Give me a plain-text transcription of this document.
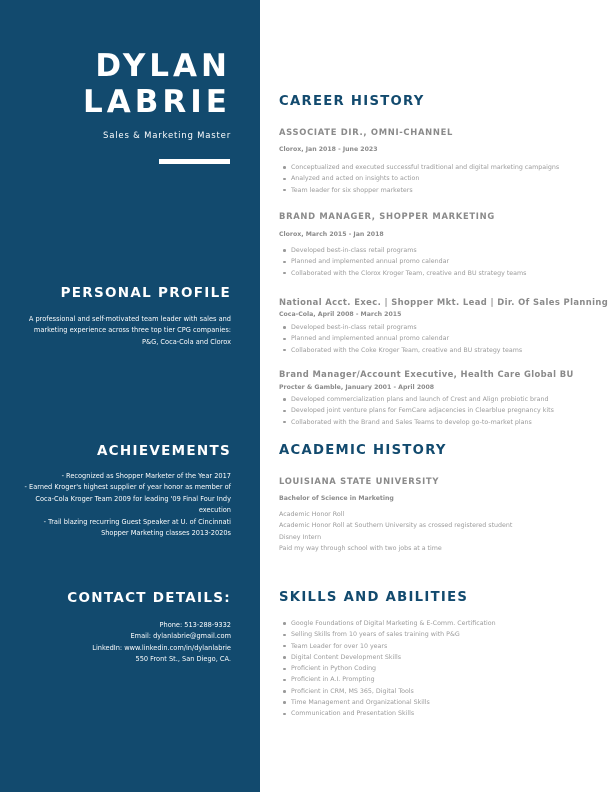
DYLAN
LABRIE
Sales & Marketing Master
PERSONAL PROFILE
A professional and self-motivated team leader with sales and
marketing experience across three top tier CPG companies:
P&G, Coca-Cola and Clorox
ACHIEVEMENTS
- Recognized as Shopper Marketer of the Year 2017
- Earned Kroger's highest supplier of year honor as member of
Coca-Cola Kroger Team 2009 for leading '09 Final Four Indy
execution
- Trail blazing recurring Guest Speaker at U. of Cincinnati
Shopper Marketing classes 2013-2020s
CONTACT DETAILS:
Phone: 513-288-9332
Email: dylanlabrie@gmail.com
LinkedIn: www.linkedin.com/in/dylanlabrie
550 Front St., San Diego, CA.
CAREER HISTORY
ASSOCIATE DIR., OMNI-CHANNEL
Clorox, Jan 2018 - June 2023
Conceptualized and executed successful traditional and digital marketing campaigns
Analyzed and acted on insights to action
Team leader for six shopper marketers
BRAND MANAGER, SHOPPER MARKETING
Clorox, March 2015 - Jan 2018
Developed best-in-class retail programs
Planned and implemented annual promo calendar
Collaborated with the Clorox Kroger Team, creative and BU strategy teams
National Acct. Exec. | Shopper Mkt. Lead | Dir. Of Sales Planning
Coca-Cola, April 2008 - March 2015
Developed best-in-class retail programs
Planned and implemented annual promo calendar
Collaborated with the Coke Kroger Team, creative and BU strategy teams
Brand Manager/Account Executive, Health Care Global BU
Procter & Gamble, January 2001 - April 2008
Developed commercialization plans and launch of Crest and Align probiotic brand
Developed joint venture plans for FemCare adjacencies in Clearblue pregnancy kits
Collaborated with the Brand and Sales Teams to develop go-to-market plans
ACADEMIC HISTORY
LOUISIANA STATE UNIVERSITY
Bachelor of Science in Marketing
Academic Honor Roll
Academic Honor Roll at Southern University as crossed registered student
Disney Intern
Paid my way through school with two jobs at a time
SKILLS AND ABILITIES
Google Foundations of Digital Marketing & E-Comm. Certification
Selling Skills from 10 years of sales training with P&G
Team Leader for over 10 years
Digital Content Development Skills
Proficient in Python Coding
Proficient in A.I. Prompting
Proficient in CRM, MS 365, Digital Tools
Time Management and Organizational Skills
Communication and Presentation Skills
